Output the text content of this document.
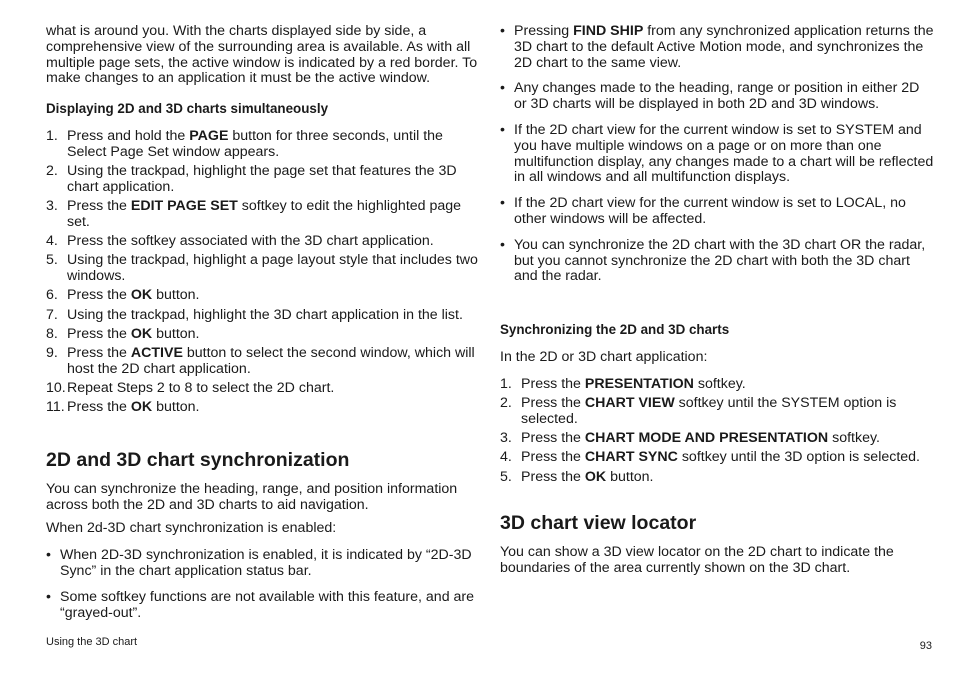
what is around you. With the charts displayed side by side, a comprehensive view of the surrounding area is available. As with all multiple page sets, the active window is indicated by a red border. To make changes to an application it must be the active window.

Displaying 2D and 3D charts simultaneously
1. Press and hold the PAGE button for three seconds, until the Select Page Set window appears.
2. Using the trackpad, highlight the page set that features the 3D chart application.
3. Press the EDIT PAGE SET softkey to edit the highlighted page set.
4. Press the softkey associated with the 3D chart application.
5. Using the trackpad, highlight a page layout style that includes two windows.
6. Press the OK button.
7. Using the trackpad, highlight the 3D chart application in the list.
8. Press the OK button.
9. Press the ACTIVE button to select the second window, which will host the 2D chart application.
10. Repeat Steps 2 to 8 to select the 2D chart.
11. Press the OK button.
2D and 3D chart synchronization

You can synchronize the heading, range, and position information across both the 2D and 3D charts to aid navigation.

When 2d-3D chart synchronization is enabled:

• When 2D-3D synchronization is enabled, it is indicated by “2D-3D Sync” in the chart application status bar.
• Some softkey functions are not available with this feature, and are “grayed-out”.
• Pressing FIND SHIP from any synchronized application returns the 3D chart to the default Active Motion mode, and synchronizes the 2D chart to the same view.
• Any changes made to the heading, range or position in either 2D or 3D charts will be displayed in both 2D and 3D windows.
• If the 2D chart view for the current window is set to SYSTEM and you have multiple windows on a page or on more than one multifunction display, any changes made to a chart will be reflected in all windows and all multifunction displays.
• If the 2D chart view for the current window is set to LOCAL, no other windows will be affected.
• You can synchronize the 2D chart with the 3D chart OR the radar, but you cannot synchronize the 2D chart with both the 3D chart and the radar.
Synchronizing the 2D and 3D charts

In the 2D or 3D chart application:

1. Press the PRESENTATION softkey.
2. Press the CHART VIEW softkey until the SYSTEM option is selected.
3. Press the CHART MODE AND PRESENTATION softkey.
4. Press the CHART SYNC softkey until the 3D option is selected.
5. Press the OK button.
3D chart view locator

You can show a 3D view locator on the 2D chart to indicate the boundaries of the area currently shown on the 3D chart.

Using the 3D chart	93
